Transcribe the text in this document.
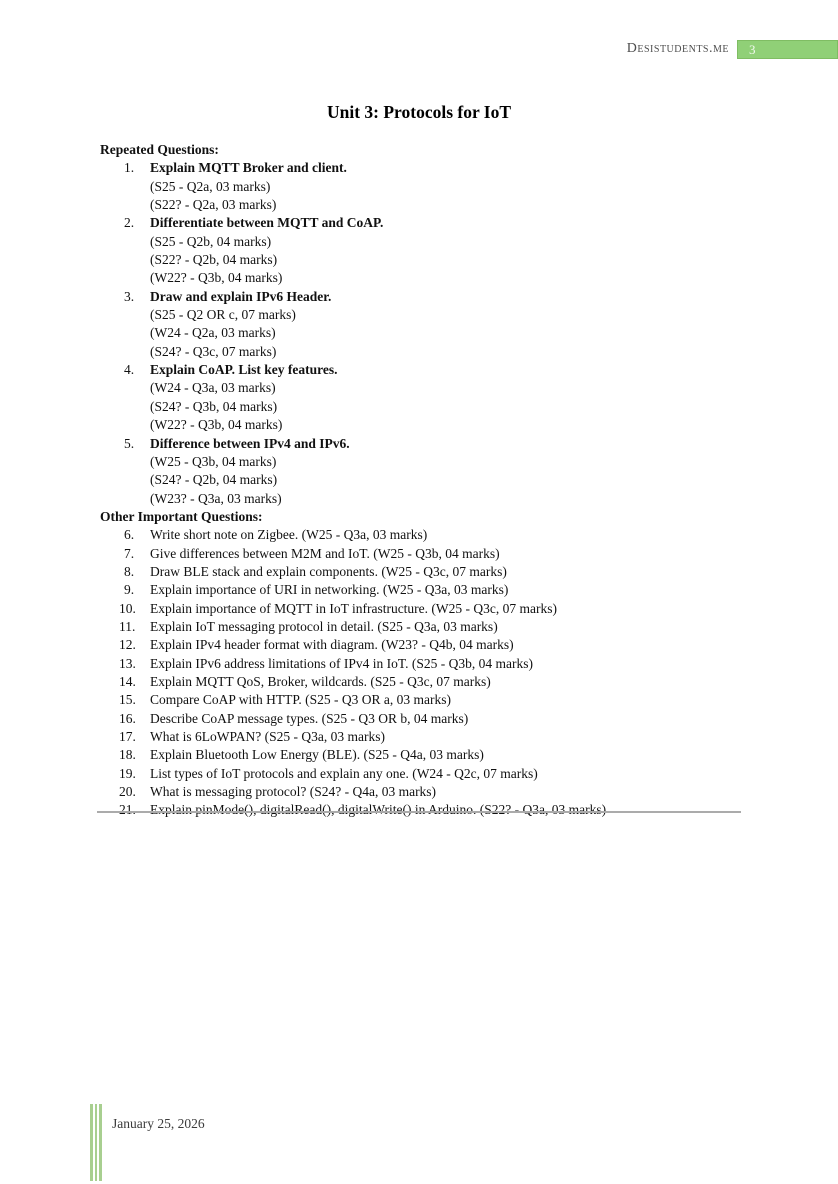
Desistudents.me	3
Unit 3: Protocols for IoT
Repeated Questions:
1.	Explain MQTT Broker and client.
(S25 - Q2a, 03 marks)
(S22? - Q2a, 03 marks)
2.	Differentiate between MQTT and CoAP.
(S25 - Q2b, 04 marks)
(S22? - Q2b, 04 marks)
(W22? - Q3b, 04 marks)
3.	Draw and explain IPv6 Header.
(S25 - Q2 OR c, 07 marks)
(W24 - Q2a, 03 marks)
(S24? - Q3c, 07 marks)
4.	Explain CoAP. List key features.
(W24 - Q3a, 03 marks)
(S24? - Q3b, 04 marks)
(W22? - Q3b, 04 marks)
5.	Difference between IPv4 and IPv6.
(W25 - Q3b, 04 marks)
(S24? - Q2b, 04 marks)
(W23? - Q3a, 03 marks)
Other Important Questions:
6.	Write short note on Zigbee. (W25 - Q3a, 03 marks)
7.	Give differences between M2M and IoT. (W25 - Q3b, 04 marks)
8.	Draw BLE stack and explain components. (W25 - Q3c, 07 marks)
9.	Explain importance of URI in networking. (W25 - Q3a, 03 marks)
10.	Explain importance of MQTT in IoT infrastructure. (W25 - Q3c, 07 marks)
11.	Explain IoT messaging protocol in detail. (S25 - Q3a, 03 marks)
12.	Explain IPv4 header format with diagram. (W23? - Q4b, 04 marks)
13.	Explain IPv6 address limitations of IPv4 in IoT. (S25 - Q3b, 04 marks)
14.	Explain MQTT QoS, Broker, wildcards. (S25 - Q3c, 07 marks)
15.	Compare CoAP with HTTP. (S25 - Q3 OR a, 03 marks)
16.	Describe CoAP message types. (S25 - Q3 OR b, 04 marks)
17.	What is 6LoWPAN? (S25 - Q3a, 03 marks)
18.	Explain Bluetooth Low Energy (BLE). (S25 - Q4a, 03 marks)
19.	List types of IoT protocols and explain any one. (W24 - Q2c, 07 marks)
20.	What is messaging protocol? (S24? - Q4a, 03 marks)
21.	Explain pinMode(), digitalRead(), digitalWrite() in Arduino. (S22? - Q3a, 03 marks)
January 25, 2026
